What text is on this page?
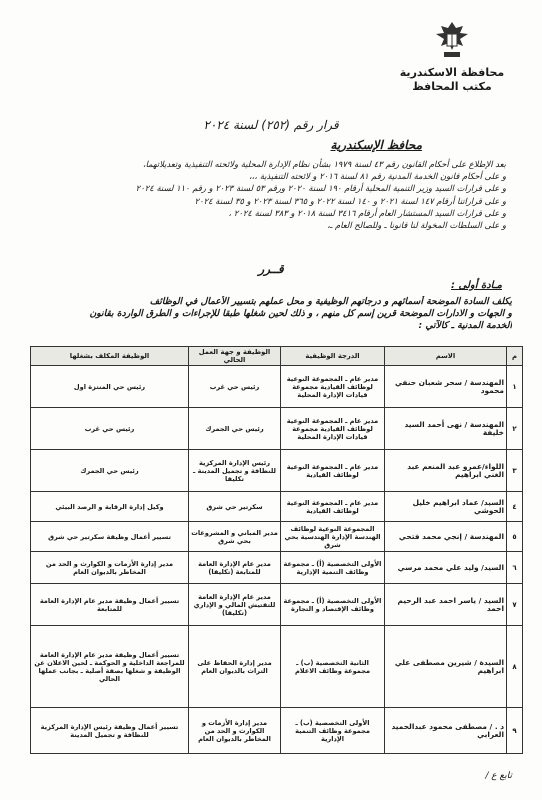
محافظة الاسكندرية
مكتب المحافظ
قرار رقم (٢٥٢) لسنة ٢٠٢٤
محافظ الإسكندرية
بعد الإطلاع على أحكام القانون رقم ٤٣ لسنة ١٩٧٩ بشأن نظام الإدارة المحلية ولائحته التنفيذية وتعديلاتهما،
و على أحكام قانون الخدمة المدنية رقم ٨١ لسنة ٢٠١٦ و لائحته التنفيذية ،،،
و على قرارات السيد وزير التنمية المحلية أرقام ١٩٠ لسنة ٢٠٢٠ ورقم ٥٣ لسنة ٢٠٢٣ و رقم ١١٠ لسنة ٢٠٢٤
و على قراراتنا أرقام ١٤٧ لسنة ٢٠٢١ و ١٤٠ لسنة ٢٠٢٢ و ٣٦٥ لسنة ٢٠٢٣ و ٣٥ لسنة ٢٠٢٤
و على قرارات السيد المستشار العام أرقام ٣٤١٦ لسنة ٢٠١٨ و ٣٨٣ لسنة ٢٠٢٤ ،
و على السلطات المخولة لنا قانونا ـ وللصالح العام ـ،
قــرر
مـادة أولى :
يكلف السادة الموضحة أسمائهم و درجاتهم الوظيفية و محل عملهم بتسيير الأعمال في الوظائف
و الجهات و الادارات الموضحة قرين إسم كل منهم ، و ذلك لحين شغلها طبقا للإجراءات و الطرق الواردة بقانون
الخدمة المدنية ـ كالآتي :
م	الاسم	الدرجة الوظيفية	الوظيفة و جهة العمل الحالي	الوظيفة المكلف بشغلها
١	المهندسة / سحر شعبان حنفي محمود	مدير عام ـ المجموعة النوعية لوظائف القيادية مجموعة قيادات الإدارة المحلية	رئيس حي غرب	رئيس حي المنتزة اول
٢	المهندسة / نهى أحمد السيد خليفة	مدير عام ـ المجموعة النوعية لوظائف القيادية مجموعة قيادات الإدارة المحلية	رئيس حي الجمرك	رئيس حي غرب
٣	اللواء/عمرو عبد المنعم عبد الغني ابراهيم	مدير عام ـ المجموعة النوعية لوظائف القيادية	رئيس الإدارة المركزية للنظافة و تجميل المدينة ـ تكليفا	رئيس حي الجمرك
٤	السيد/ عماد ابراهيم خليل الحوشي	مدير عام ـ المجموعة النوعية لوظائف القيادية	سكرتير حي شرق	وكيل إدارة الرقابة و الرصد البيئي
٥	المهندسة / إنجي محمد فتحي	المجموعة النوعية لوظائف الهندسة الإدارة الهندسية بحي شرق	مدير المباني و المشروعات بحي شرق	تسيير أعمال وظيفة سكرتير حي شرق
٦	السيد/ وليد علي محمد مرسي	الأولى التخصصية (أ) ـ مجموعة وظائف التنمية الإدارية	مدير عام الإدارة العامة للمتابعة (تكليفا)	مدير إدارة الأزمات و الكوارث و الحد من المخاطر بالديوان العام
٧	السيد / ياسر احمد عبد الرحيم احمد	الأولى التخصصية (أ) ـ مجموعة وظائف الإقتصاد و التجارة	مدير عام الإدارة العامة للتفتيش المالي و الإداري (تكليفا)	تسيير أعمال وظيفة مدير عام الإدارة العامة للمتابعة
٨	السيدة / شيرين مصطفى علي ابراهيم	الثانية التخصصية (ب) ـ مجموعة وظائف الاعلام	مدير إدارة الحفاظ على التراث بالديوان العام	تسيير أعمال وظيفة مدير عام الإدارة العامة للمراجعة الداخلية و الحوكمة ـ لحين الاعلان عن الوظيفة و شغلها بصفة أصلية ـ بجانب عملها الحالي
٩	د . / مصطفى محمود عبدالحميد العرابي	الأولى التخصصية (ب) ـ مجموعة وظائف التنمية الإدارية	مدير إدارة الأزمات و الكوارث و الحد من المخاطر بالديوان العام	تسيير أعمال وظيفة رئيس الإدارة المركزية للنظافة و تجميل المدينة
تابع ع /
